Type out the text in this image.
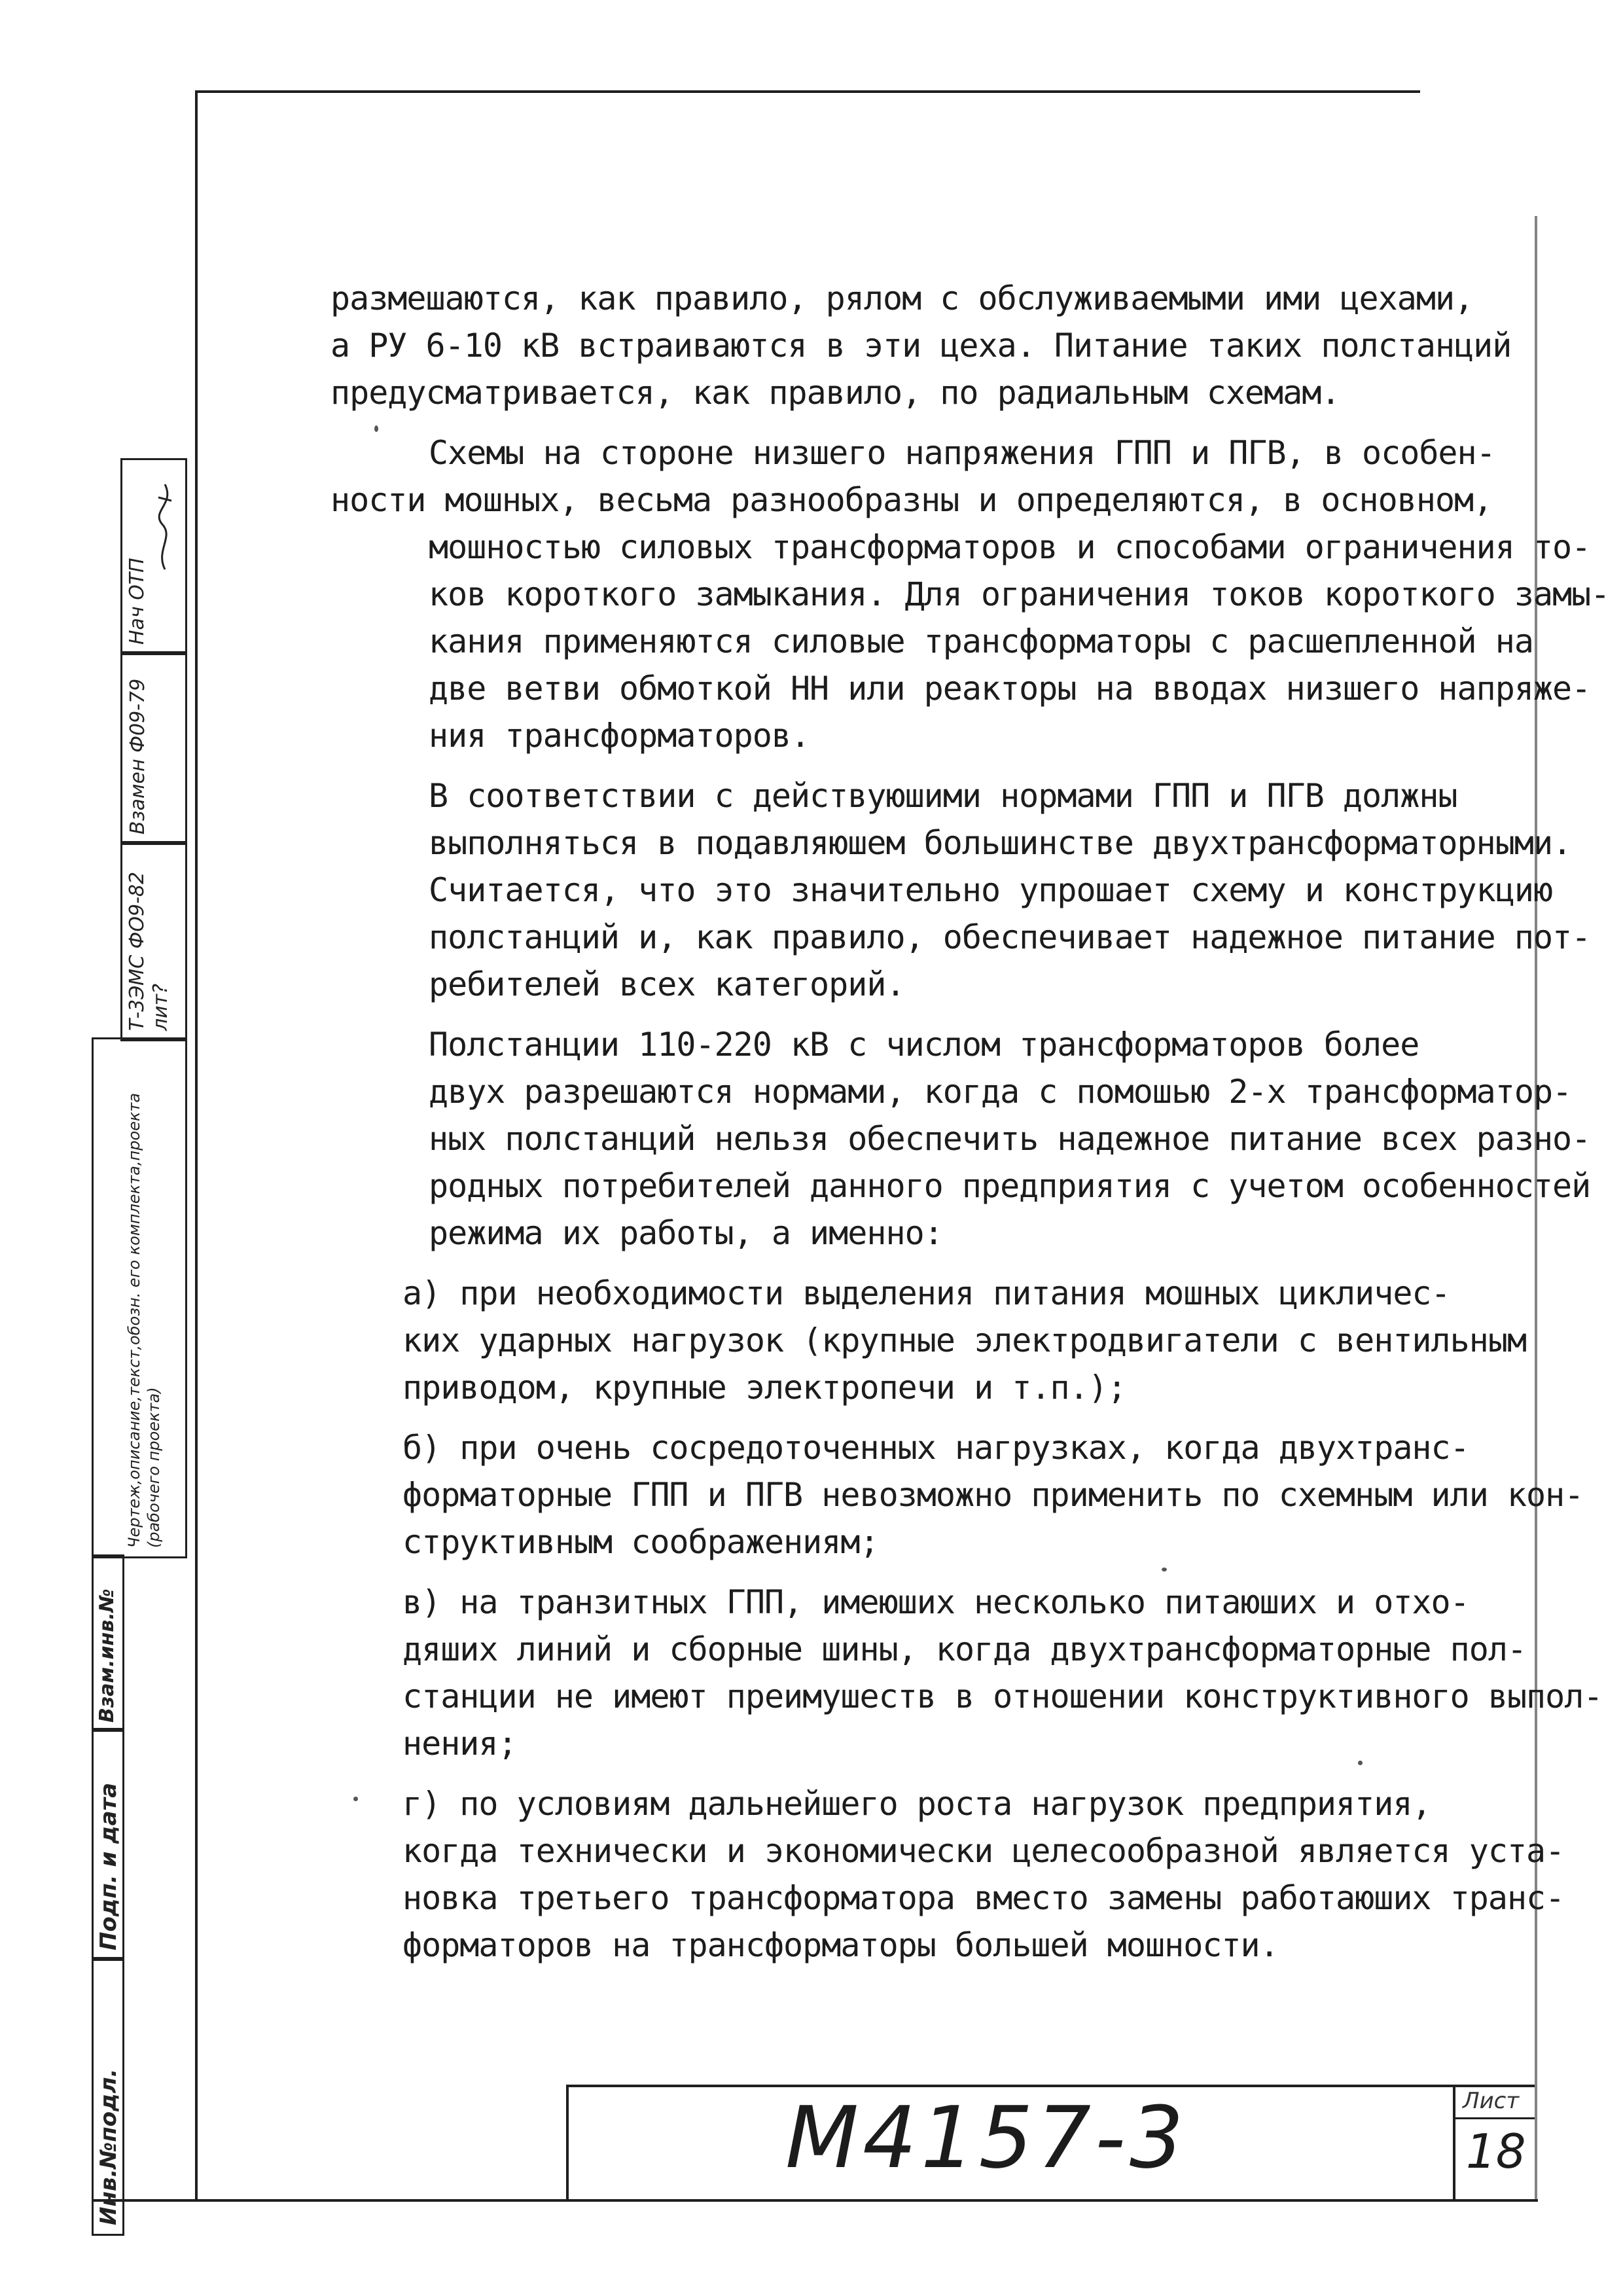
Инв.№подл.
Подп. и дата
Взам.инв.№
Чертеж,описание,текст,обозн. его комплекта,проекта (рабочего проекта)
Т-3ЭМС ФО9-82 лит?
Взамен Ф09-79
Нач ОТП

размешаются, как правило, рялом с обслуживаемыми ими цехами,
а РУ 6-10 кВ встраиваются в эти цеха. Питание таких полстанций
предусматривается, как правило, по радиальным схемам.

Схемы на стороне низшего напряжения ГПП и ПГВ, в особен-
ности мошных, весьма разнообразны и определяются, в основном,
мошностью силовых трансформаторов и способами ограничения то-
ков короткого замыкания. Для ограничения токов короткого замы-
кания применяются силовые трансформаторы с расшепленной на
две ветви обмоткой НН или реакторы на вводах низшего напряже-
ния трансформаторов.

В соответствии с действуюшими нормами ГПП и ПГВ должны
выполняться в подавляюшем большинстве двухтрансформаторными.
Считается, что это значительно упрошает схему и конструкцию
полстанций и, как правило, обеспечивает надежное питание пот-
ребителей всех категорий.

Полстанции 110-220 кВ с числом трансформаторов более
двух разрешаются нормами, когда с помошью 2-х трансформатор-
ных полстанций нельзя обеспечить надежное питание всех разно-
родных потребителей данного предприятия с учетом особенностей
режима их работы, а именно:

а) при необходимости выделения питания мошных цикличес-
ких ударных нагрузок (крупные электродвигатели с вентильным
приводом, крупные электропечи и т.п.);

б) при очень сосредоточенных нагрузках, когда двухтранс-
форматорные ГПП и ПГВ невозможно применить по схемным или кон-
структивным соображениям;

в) на транзитных ГПП, имеюших несколько питаюших и отхо-
дяших линий и сборные шины, когда двухтрансформаторные пол-
станции не имеют преимушеств в отношении конструктивного выпол-
нения;

г) по условиям дальнейшего роста нагрузок предприятия,
когда технически и экономически целесообразной является уста-
новка третьего трансформатора вместо замены работаюших транс-
форматоров на трансформаторы большей мошности.

М4157-3	Лист
18
